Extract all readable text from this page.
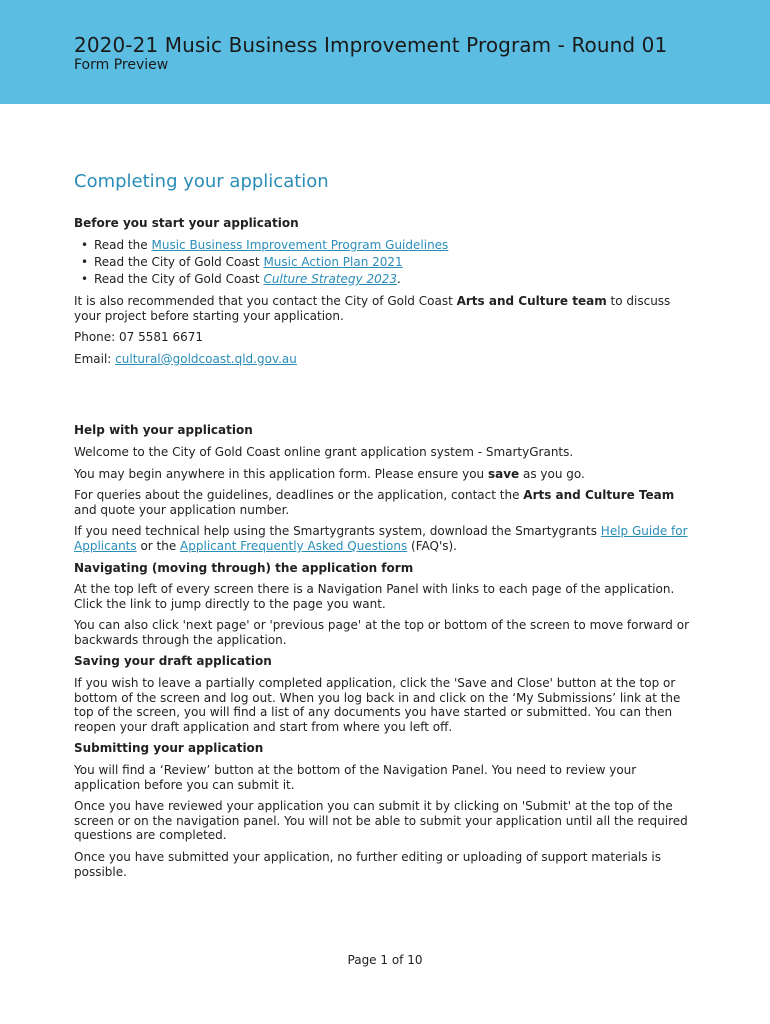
2020-21 Music Business Improvement Program - Round 01
Form Preview
Completing your application
Before you start your application
• Read the Music Business Improvement Program Guidelines
• Read the City of Gold Coast Music Action Plan 2021
• Read the City of Gold Coast Culture Strategy 2023.

It is also recommended that you contact the City of Gold Coast Arts and Culture team to discuss your project before starting your application.

Phone: 07 5581 6671

Email: cultural@goldcoast.qld.gov.au

Help with your application

Welcome to the City of Gold Coast online grant application system - SmartyGrants.

You may begin anywhere in this application form. Please ensure you save as you go.

For queries about the guidelines, deadlines or the application, contact the Arts and Culture Team and quote your application number.

If you need technical help using the Smartygrants system, download the Smartygrants Help Guide for Applicants or the Applicant Frequently Asked Questions (FAQ's).

Navigating (moving through) the application form

At the top left of every screen there is a Navigation Panel with links to each page of the application. Click the link to jump directly to the page you want.

You can also click 'next page' or 'previous page' at the top or bottom of the screen to move forward or backwards through the application.

Saving your draft application

If you wish to leave a partially completed application, click the 'Save and Close' button at the top or bottom of the screen and log out. When you log back in and click on the ‘My Submissions’ link at the top of the screen, you will find a list of any documents you have started or submitted. You can then reopen your draft application and start from where you left off.

Submitting your application

You will find a ‘Review’ button at the bottom of the Navigation Panel. You need to review your application before you can submit it.

Once you have reviewed your application you can submit it by clicking on 'Submit' at the top of the screen or on the navigation panel. You will not be able to submit your application until all the required questions are completed.

Once you have submitted your application, no further editing or uploading of support materials is possible.

Page 1 of 10
